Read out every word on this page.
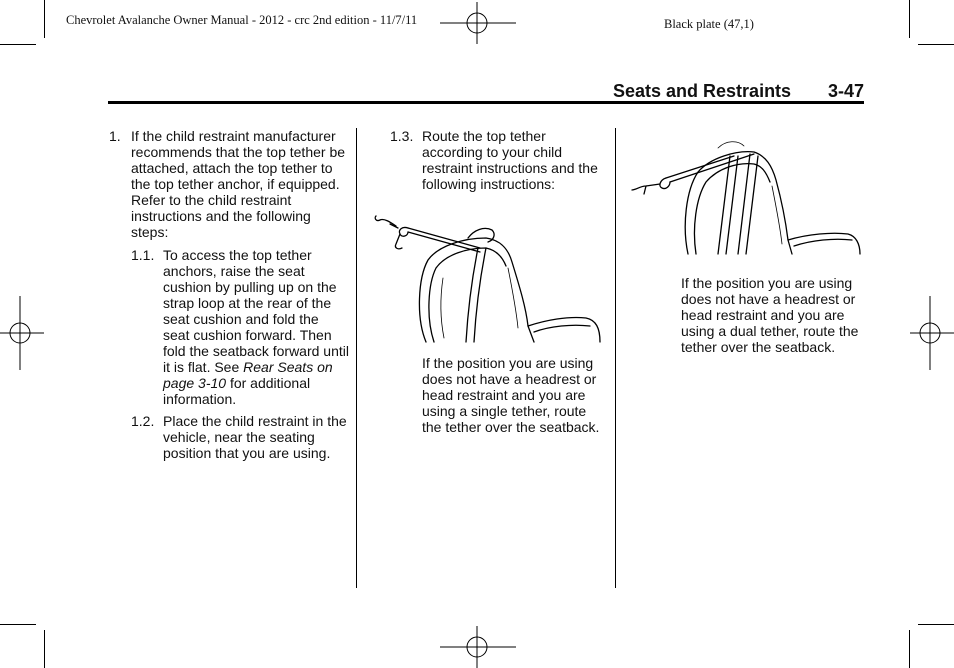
Chevrolet Avalanche Owner Manual - 2012 - crc 2nd edition - 11/7/11	Black plate (47,1)
Seats and Restraints 3-47
1. If the child restraint manufacturer recommends that the top tether be attached, attach the top tether to the top tether anchor, if equipped. Refer to the child restraint instructions and the following steps:
1.1. To access the top tether anchors, raise the seat cushion by pulling up on the strap loop at the rear of the seat cushion and fold the seat cushion forward. Then fold the seatback forward until it is flat. See Rear Seats on page 3-10 for additional information.
1.2. Place the child restraint in the vehicle, near the seating position that you are using.
1.3. Route the top tether according to your child restraint instructions and the following instructions:
If the position you are using does not have a headrest or head restraint and you are using a single tether, route the tether over the seatback.
If the position you are using does not have a headrest or head restraint and you are using a dual tether, route the tether over the seatback.
